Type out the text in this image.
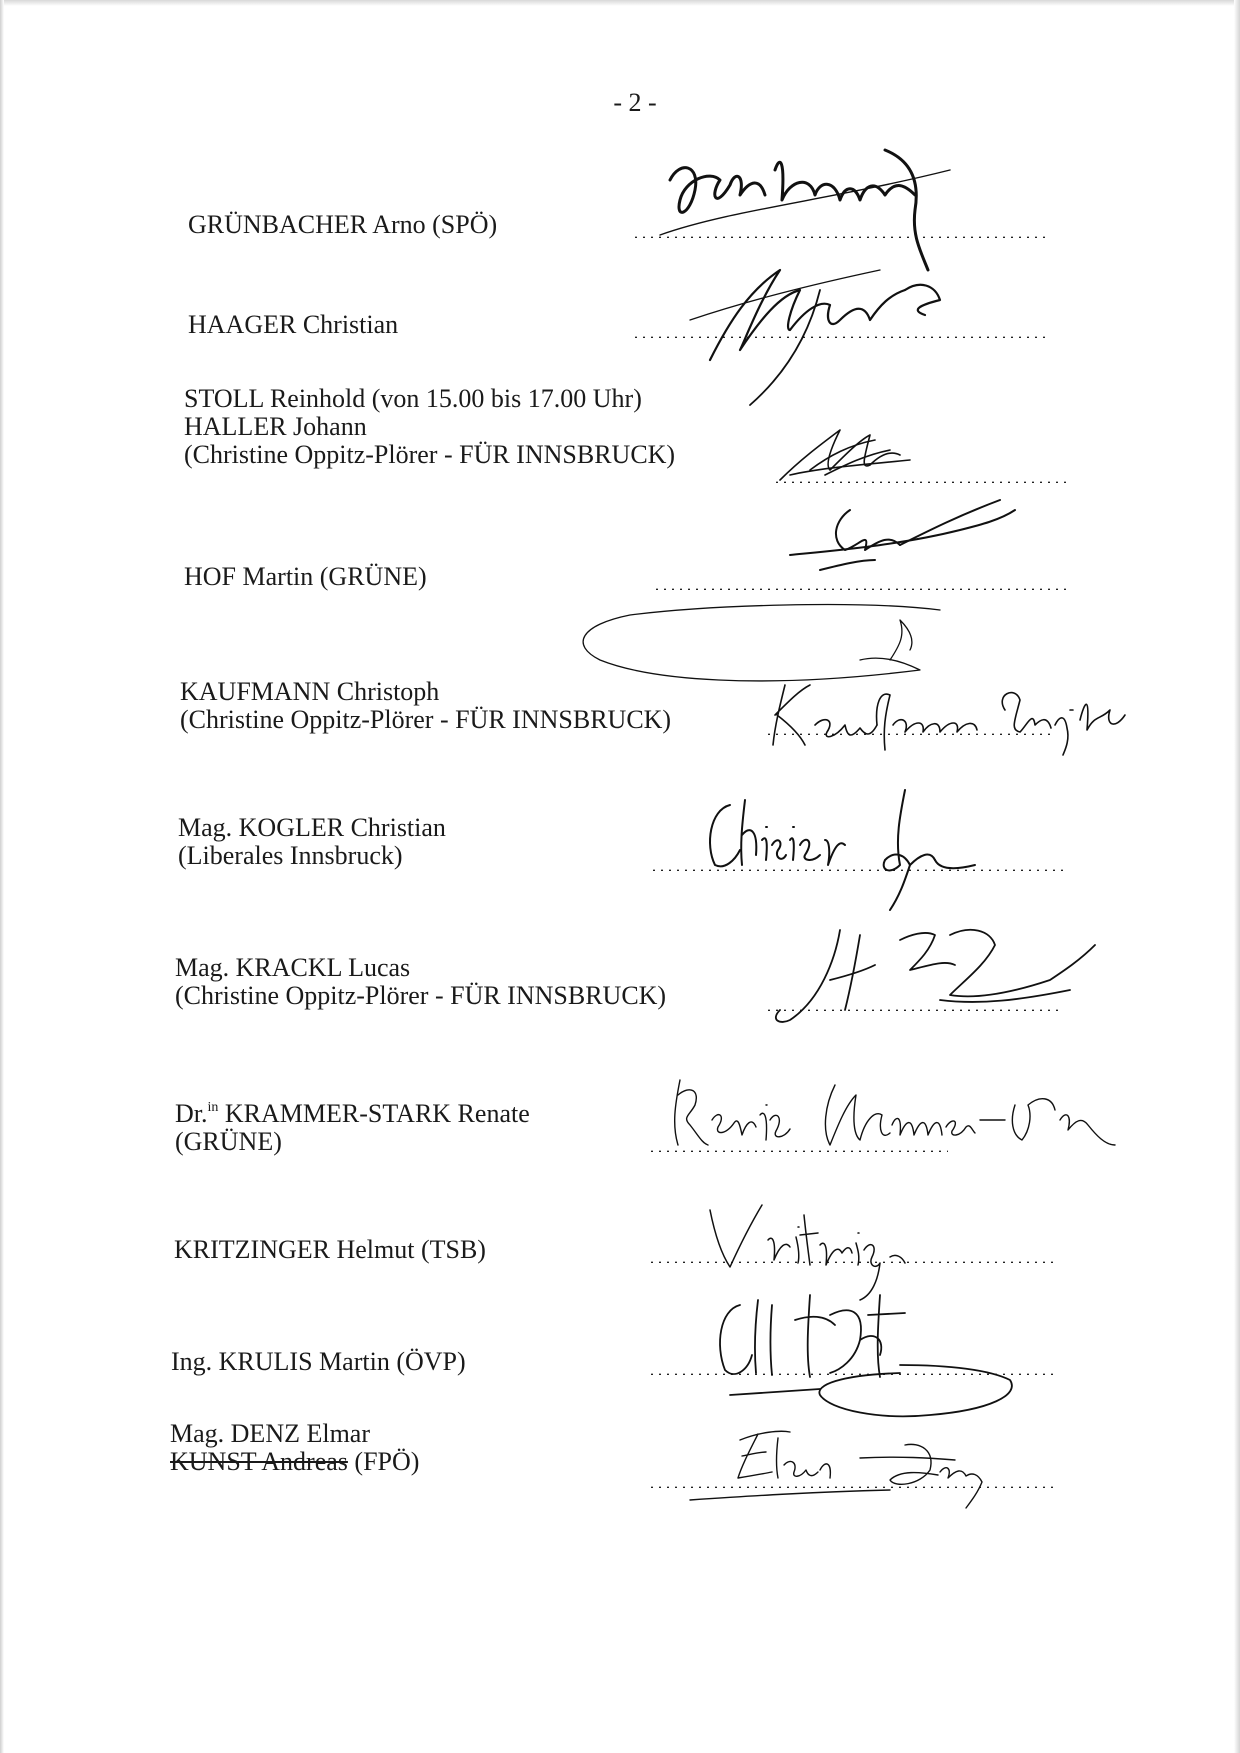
- 2 -
GRÜNBACHER Arno (SPÖ)
HAAGER Christian
STOLL Reinhold (von 15.00 bis 17.00 Uhr)
HALLER Johann
(Christine Oppitz-Plörer - FÜR INNSBRUCK)
HOF Martin (GRÜNE)
KAUFMANN Christoph
(Christine Oppitz-Plörer - FÜR INNSBRUCK)
Mag. KOGLER Christian
(Liberales Innsbruck)
Mag. KRACKL Lucas
(Christine Oppitz-Plörer - FÜR INNSBRUCK)
Dr.$^{in}$ KRAMMER-STARK Renate
(GRÜNE)
KRITZINGER Helmut (TSB)
Ing. KRULIS Martin (ÖVP)
Mag. DENZ Elmar
KUNST Andreas (FPÖ)
